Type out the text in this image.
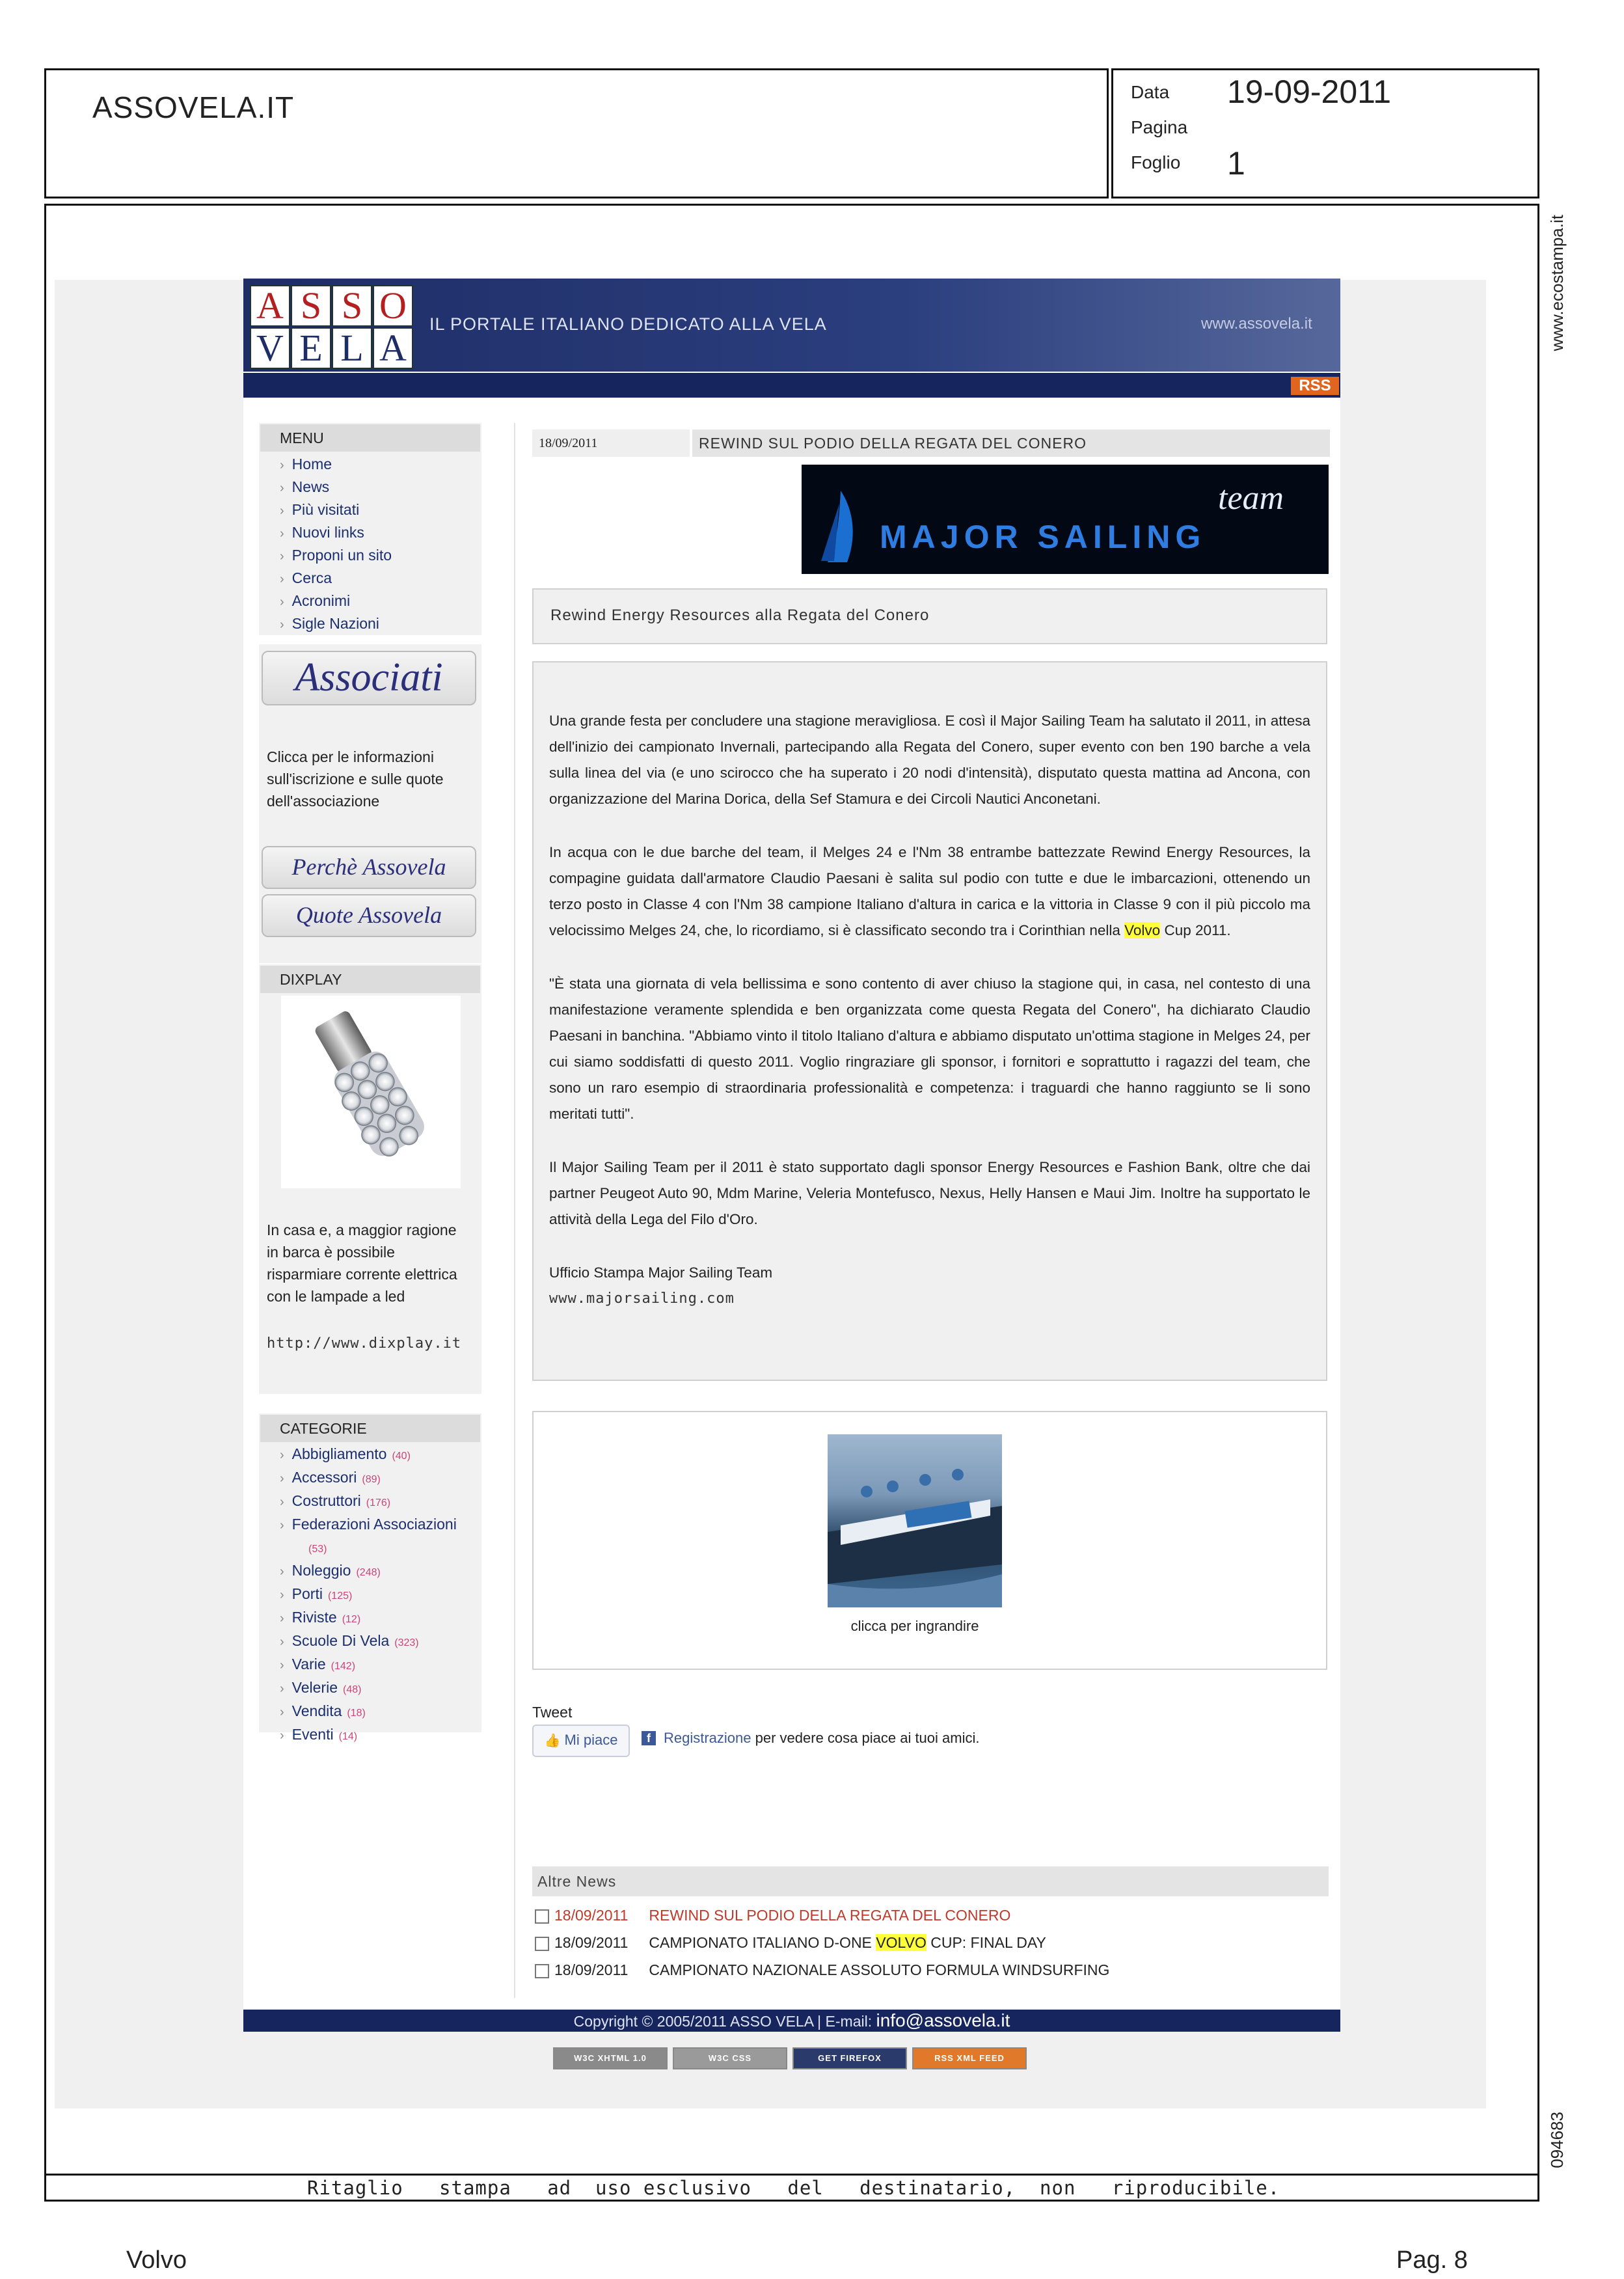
ASSOVELA.IT	Data 19-09-2011
Pagina
Foglio 1
Ritaglio   stampa   ad  uso esclusivo   del   destinatario,  non   riproducibile.
www.ecostampa.it
094683
A S S O
V E L A
IL PORTALE ITALIANO DEDICATO ALLA VELA	www.assovela.it
RSS
MENU
› Home
› News
› Più visitati
› Nuovi links
› Proponi un sito
› Cerca
› Acronimi
› Sigle Nazioni
Associati
Clicca per le informazioni
sull'iscrizione e sulle quote
dell'associazione
Perchè Assovela
Quote Assovela
DIXPLAY
In casa e, a maggior ragione
in barca è possibile
risparmiare corrente elettrica
con le lampade a led
http://www.dixplay.it
CATEGORIE
› Abbigliamento (40)
› Accessori (89)
› Costruttori (176)
› Federazioni Associazioni
(53)
› Noleggio (248)
› Porti (125)
› Riviste (12)
› Scuole Di Vela (323)
› Varie (142)
› Velerie (48)
› Vendita (18)
› Eventi (14)
18/09/2011	REWIND SUL PODIO DELLA REGATA DEL CONERO
team
MAJOR SAILING
Rewind Energy Resources alla Regata del Conero

Una grande festa per concludere una stagione meravigliosa. E così il Major Sailing Team ha salutato il 2011, in attesa dell'inizio dei campionato Invernali, partecipando alla Regata del Conero, super evento con ben 190 barche a vela sulla linea del via (e uno scirocco che ha superato i 20 nodi d'intensità), disputato questa mattina ad Ancona, con organizzazione del Marina Dorica, della Sef Stamura e dei Circoli Nautici Anconetani.

In acqua con le due barche del team, il Melges 24 e l'Nm 38 entrambe battezzate Rewind Energy Resources, la compagine guidata dall'armatore Claudio Paesani è salita sul podio con tutte e due le imbarcazioni, ottenendo un terzo posto in Classe 4 con l'Nm 38 campione Italiano d'altura in carica e la vittoria in Classe 9 con il più piccolo ma velocissimo Melges 24, che, lo ricordiamo, si è classificato secondo tra i Corinthian nella Volvo Cup 2011.

"È stata una giornata di vela bellissima e sono contento di aver chiuso la stagione qui, in casa, nel contesto di una manifestazione veramente splendida e ben organizzata come questa Regata del Conero", ha dichiarato Claudio Paesani in banchina. "Abbiamo vinto il titolo Italiano d'altura e abbiamo disputato un'ottima stagione in Melges 24, per cui siamo soddisfatti di questo 2011. Voglio ringraziare gli sponsor, i fornitori e soprattutto i ragazzi del team, che sono un raro esempio di straordinaria professionalità e competenza: i traguardi che hanno raggiunto se li sono meritati tutti".

Il Major Sailing Team per il 2011 è stato supportato dagli sponsor Energy Resources e Fashion Bank, oltre che dai partner Peugeot Auto 90, Mdm Marine, Veleria Montefusco, Nexus, Helly Hansen e Maui Jim. Inoltre ha supportato le attività della Lega del Filo d'Oro.

Ufficio Stampa Major Sailing Team
www.majorsailing.com
clicca per ingrandire
Tweet
👍 Mi piace	f Registrazione per vedere cosa piace ai tuoi amici.
Altre News
18/09/2011 REWIND SUL PODIO DELLA REGATA DEL CONERO
18/09/2011 CAMPIONATO ITALIANO D-ONE VOLVO CUP: FINAL DAY
18/09/2011 CAMPIONATO NAZIONALE ASSOLUTO FORMULA WINDSURFING
Copyright © 2005/2011 ASSO VELA | E-mail: info@assovela.it
W3C XHTML 1.0	W3C CSS	GET FIREFOX	RSS XML FEED
Volvo	Pag. 8
